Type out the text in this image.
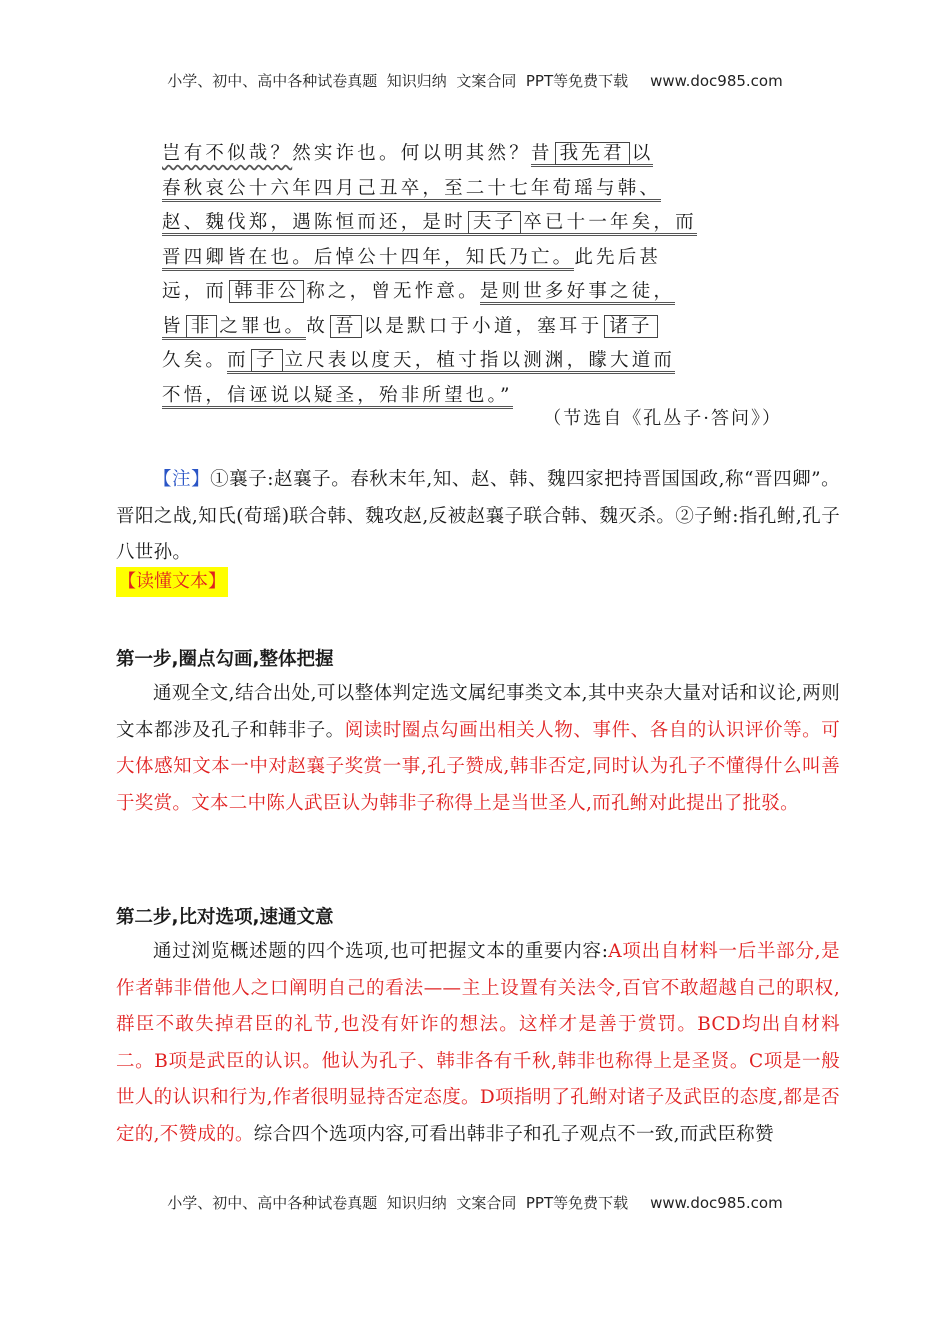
小学、初中、高中各种试卷真题  知识归纳  文案合同  PPT等免费下载 www.doc985.com
岂有不似哉？然实诈也。何以明其然？昔 我先君 以
春秋哀公十六年四月己丑卒，至二十七年荀瑶与韩、
赵、魏伐郑，遇陈恒而还，是时 夫子 卒已十一年矣，而
晋四卿皆在也。后悼公十四年，知氏乃亡。此先后甚
远，而 韩非公 称之，曾无怍意。是则世多好事之徒，
皆 非 之罪也。故 吾 以是默口于小道，塞耳于 诸子
久矣。而 子 立尺表以度天，植寸指以测渊，矇大道而
不悟，信诬说以疑圣，殆非所望也。”
（节选自《孔丛子·答问》）
【注】①襄子:赵襄子。春秋末年,知、赵、韩、魏四家把持晋国国政,称“晋四卿”。晋阳之战,知氏(荀瑶)联合韩、魏攻赵,反被赵襄子联合韩、魏灭杀。②子鲋:指孔鲋,孔子八世孙。
【读懂文本】
第一步,圈点勾画,整体把握
通观全文,结合出处,可以整体判定选文属纪事类文本,其中夹杂大量对话和议论,两则文本都涉及孔子和韩非子。阅读时圈点勾画出相关人物、事件、各自的认识评价等。可大体感知文本一中对赵襄子奖赏一事,孔子赞成,韩非否定,同时认为孔子不懂得什么叫善于奖赏。文本二中陈人武臣认为韩非子称得上是当世圣人,而孔鲋对此提出了批驳。
第二步,比对选项,速通文意
通过浏览概述题的四个选项,也可把握文本的重要内容:A项出自材料一后半部分,是作者韩非借他人之口阐明自己的看法——主上设置有关法令,百官不敢超越自己的职权,群臣不敢失掉君臣的礼节,也没有奸诈的想法。这样才是善于赏罚。BCD均出自材料二。B项是武臣的认识。他认为孔子、韩非各有千秋,韩非也称得上是圣贤。C项是一般世人的认识和行为,作者很明显持否定态度。D项指明了孔鲋对诸子及武臣的态度,都是否定的,不赞成的。综合四个选项内容,可看出韩非子和孔子观点不一致,而武臣称赞
小学、初中、高中各种试卷真题  知识归纳  文案合同  PPT等免费下载 www.doc985.com
